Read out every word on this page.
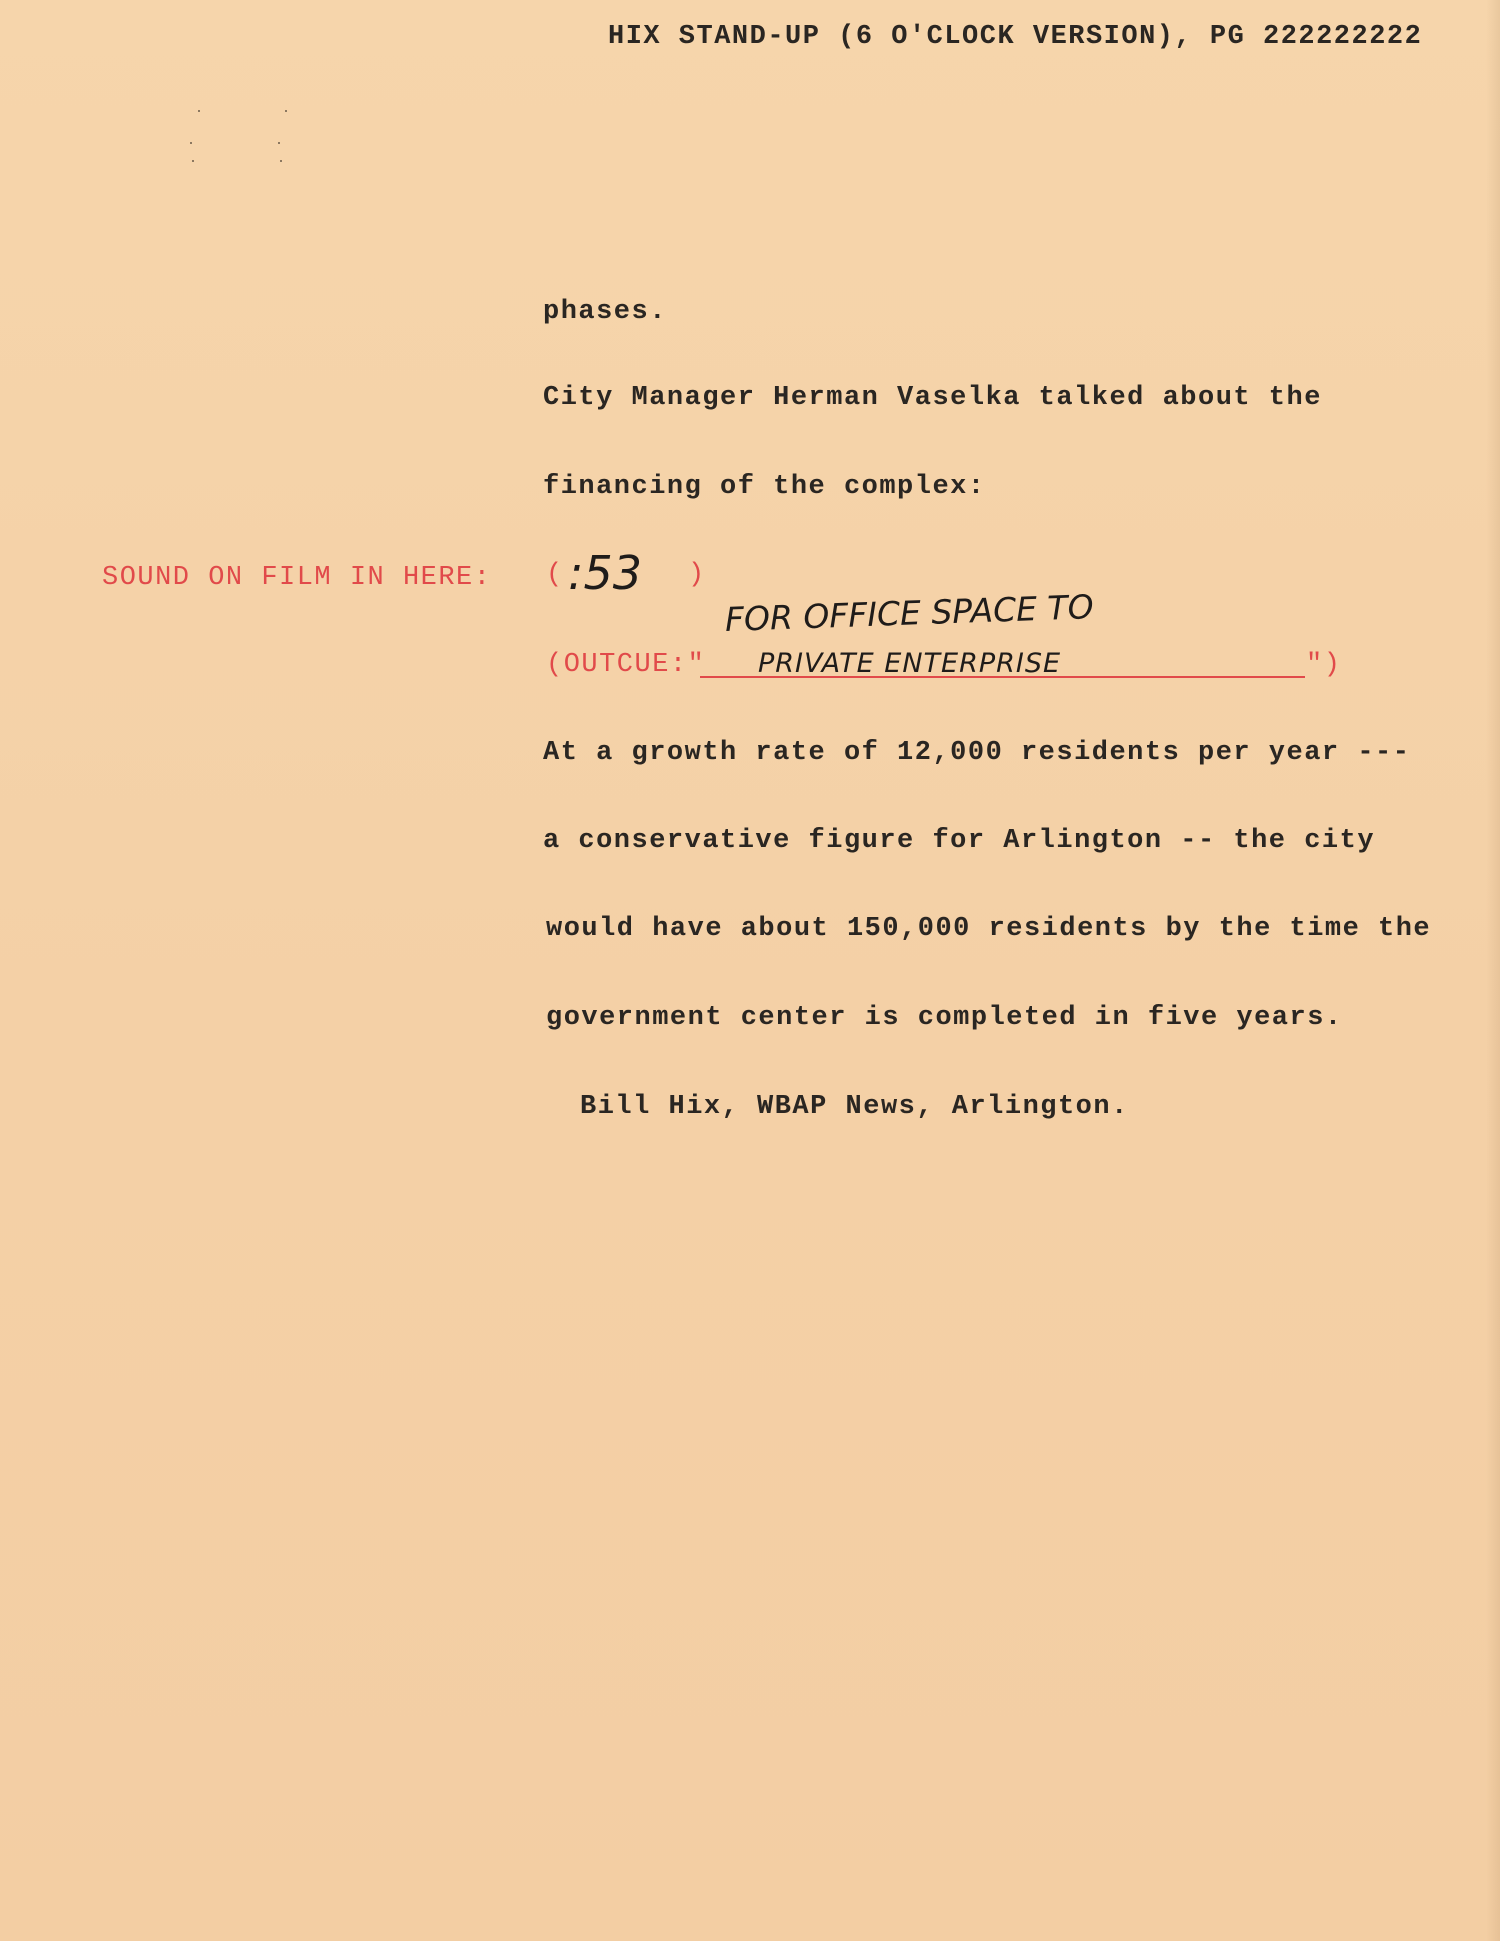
HIX STAND-UP (6 O'CLOCK VERSION), PG 222222222
phases.
City Manager Herman Vaselka talked about the
financing of the complex:
SOUND ON FILM IN HERE: ( :53 )
FOR OFFICE SPACE TO
(OUTCUE:" PRIVATE ENTERPRISE	")
At a growth rate of 12,000 residents per year ---
a conservative figure for Arlington -- the city
would have about 150,000 residents by the time the
government center is completed in five years.
Bill Hix, WBAP News, Arlington.
